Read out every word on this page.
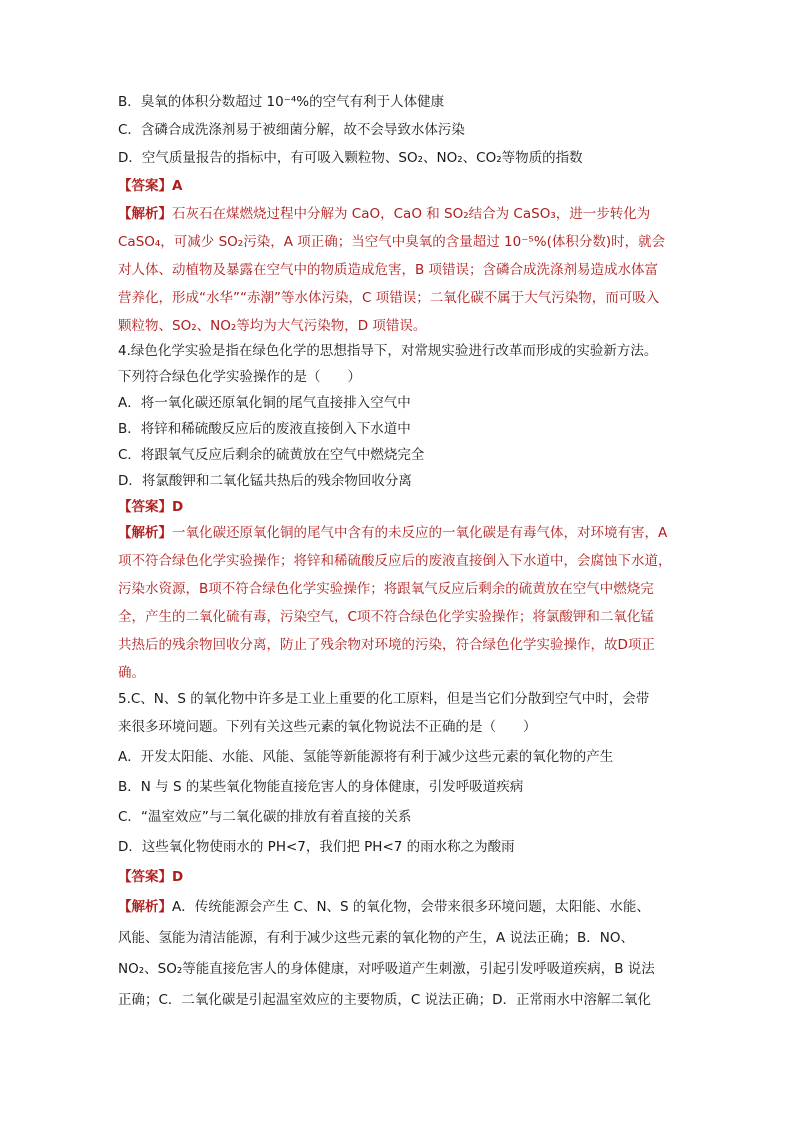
B．臭氧的体积分数超过 10⁻⁴%的空气有利于人体健康
C．含磷合成洗涤剂易于被细菌分解，故不会导致水体污染
D．空气质量报告的指标中，有可吸入颗粒物、SO₂、NO₂、CO₂等物质的指数
【答案】A
【解析】石灰石在煤燃烧过程中分解为 CaO，CaO 和 SO₂结合为 CaSO₃，进一步转化为
CaSO₄，可减少 SO₂污染，A 项正确；当空气中臭氧的含量超过 10⁻⁵%(体积分数)时，就会
对人体、动植物及暴露在空气中的物质造成危害，B 项错误；含磷合成洗涤剂易造成水体富
营养化，形成“水华”“赤潮”等水体污染，C 项错误；二氧化碳不属于大气污染物，而可吸入
颗粒物、SO₂、NO₂等均为大气污染物，D 项错误。
4.绿色化学实验是指在绿色化学的思想指导下，对常规实验进行改革而形成的实验新方法。
下列符合绿色化学实验操作的是（　　）
A．将一氧化碳还原氧化铜的尾气直接排入空气中
B．将锌和稀硫酸反应后的废液直接倒入下水道中
C．将跟氧气反应后剩余的硫黄放在空气中燃烧完全
D．将氯酸钾和二氧化锰共热后的残余物回收分离
【答案】D
【解析】一氧化碳还原氧化铜的尾气中含有的未反应的一氧化碳是有毒气体，对环境有害，A
项不符合绿色化学实验操作；将锌和稀硫酸反应后的废液直接倒入下水道中，会腐蚀下水道，
污染水资源，B项不符合绿色化学实验操作；将跟氧气反应后剩余的硫黄放在空气中燃烧完
全，产生的二氧化硫有毒，污染空气，C项不符合绿色化学实验操作；将氯酸钾和二氧化锰
共热后的残余物回收分离，防止了残余物对环境的污染，符合绿色化学实验操作，故D项正
确。
5.C、N、S 的氧化物中许多是工业上重要的化工原料，但是当它们分散到空气中时，会带
来很多环境问题。下列有关这些元素的氧化物说法不正确的是（　　）
A．开发太阳能、水能、风能、氢能等新能源将有利于减少这些元素的氧化物的产生
B．N 与 S 的某些氧化物能直接危害人的身体健康，引发呼吸道疾病
C．“温室效应”与二氧化碳的排放有着直接的关系
D．这些氧化物使雨水的 PH<7，我们把 PH<7 的雨水称之为酸雨
【答案】D
【解析】A．传统能源会产生 C、N、S 的氧化物，会带来很多环境问题，太阳能、水能、
风能、氢能为清洁能源，有利于减少这些元素的氧化物的产生，A 说法正确；B．NO、
NO₂、SO₂等能直接危害人的身体健康，对呼吸道产生刺激，引起引发呼吸道疾病，B 说法
正确；C．二氧化碳是引起温室效应的主要物质，C 说法正确；D．正常雨水中溶解二氧化
